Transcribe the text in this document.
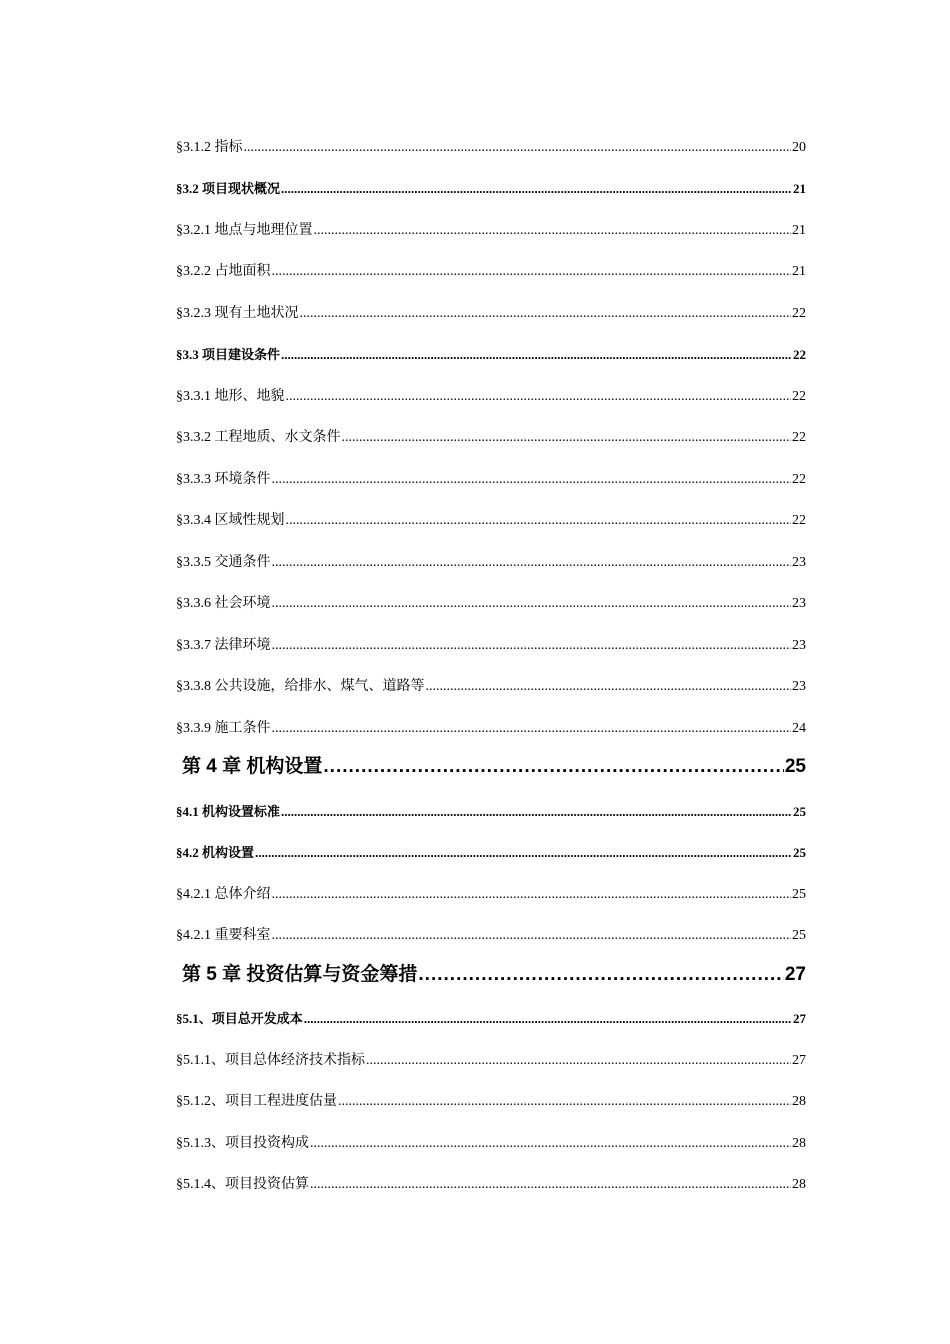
§3.1.2 指标 .....	20
§3.2 项目现状概况 .....	21
§3.2.1 地点与地理位置 .....	21
§3.2.2 占地面积 .....	21
§3.2.3 现有土地状况 .....	22
§3.3 项目建设条件 .....	22
§3.3.1 地形、地貌 .....	22
§3.3.2 工程地质、水文条件 .....	22
§3.3.3 环境条件 .....	22
§3.3.4 区域性规划 .....	22
§3.3.5 交通条件 .....	23
§3.3.6 社会环境 .....	23
§3.3.7 法律环境 .....	23
§3.3.8 公共设施，给排水、煤气、道路等 .....	23
§3.3.9 施工条件 .....	24
第 4 章 机构设置 .....	25
§4.1 机构设置标准 .....	25
§4.2 机构设置 .....	25
§4.2.1 总体介绍 .....	25
§4.2.1 重要科室 .....	25
第 5 章 投资估算与资金筹措 .....	27
§5.1、项目总开发成本 .....	27
§5.1.1、项目总体经济技术指标 .....	27
§5.1.2、项目工程进度估量 .....	28
§5.1.3、项目投资构成 .....	28
§5.1.4、项目投资估算 .....	28
